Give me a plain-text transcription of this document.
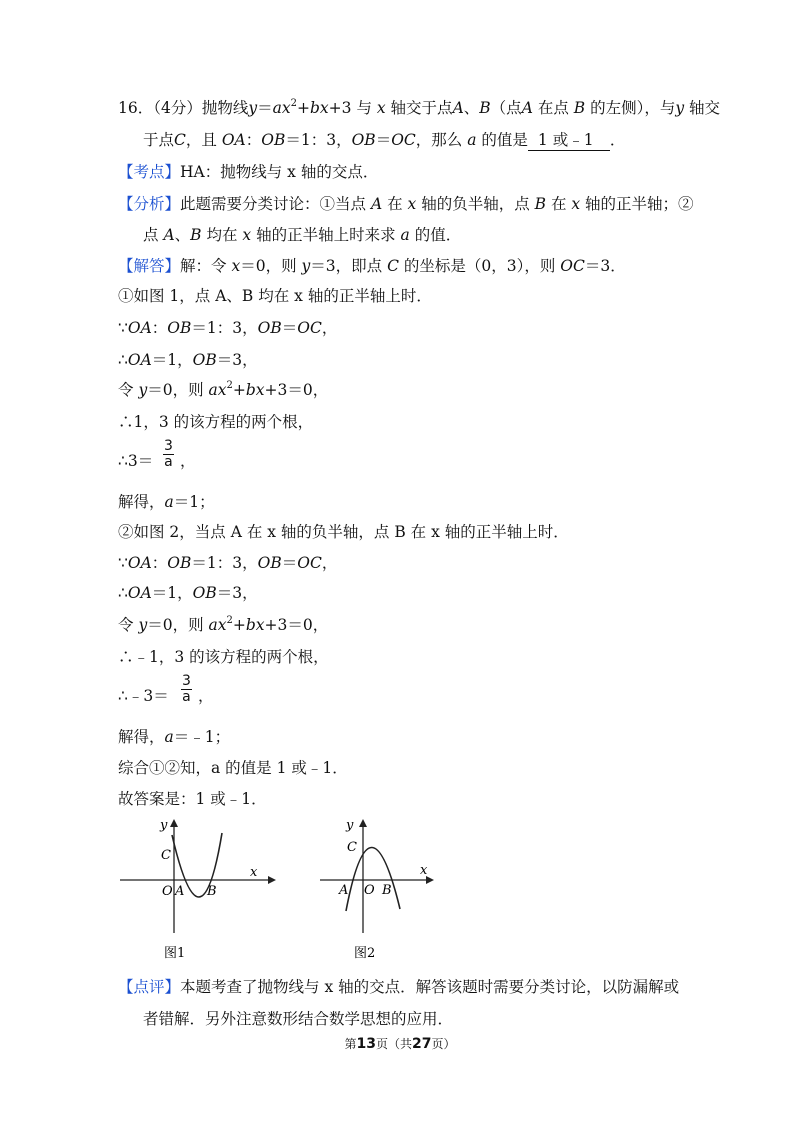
16．（4分）抛物线$y=ax^2+bx+3$ 与 x 轴交于点A、B（点A 在点 B 的左侧），与y 轴交
于点C，且 OA：OB＝1：3，OB＝OC，那么 a 的值是 1 或﹣1 ．
【考点】HA：抛物线与 x 轴的交点．
【分析】此题需要分类讨论：①当点 A 在 x 轴的负半轴，点 B 在 x 轴的正半轴；②
点 A、B 均在 x 轴的正半轴上时来求 a 的值．
【解答】解：令 x＝0，则 y＝3，即点 C 的坐标是（0，3），则 OC＝3．
①如图 1，点 A、B 均在 x 轴的正半轴上时．
∵OA：OB＝1：3，OB＝OC，
∴OA＝1，OB＝3，
令 y＝0，则 $ax^2+bx+3=0$，
∴1，3 的该方程的两个根，
∴3＝ $\frac{3}{a}$ ，
解得，a＝1；
②如图 2，当点 A 在 x 轴的负半轴，点 B 在 x 轴的正半轴上时．
∵OA：OB＝1：3，OB＝OC，
∴OA＝1，OB＝3，
令 y＝0，则 $ax^2+bx+3=0$，
∴﹣1，3 的该方程的两个根，
∴﹣3＝ $\frac{3}{a}$ ，
解得，a＝﹣1；
综合①②知，a 的值是 1 或﹣1．
故答案是：1 或﹣1．
y
x
C
O A B
图1
y
x
C
A O B
图2
【点评】本题考查了抛物线与 x 轴的交点．解答该题时需要分类讨论，以防漏解或
者错解．另外注意数形结合数学思想的应用．
第13页（共27页）
